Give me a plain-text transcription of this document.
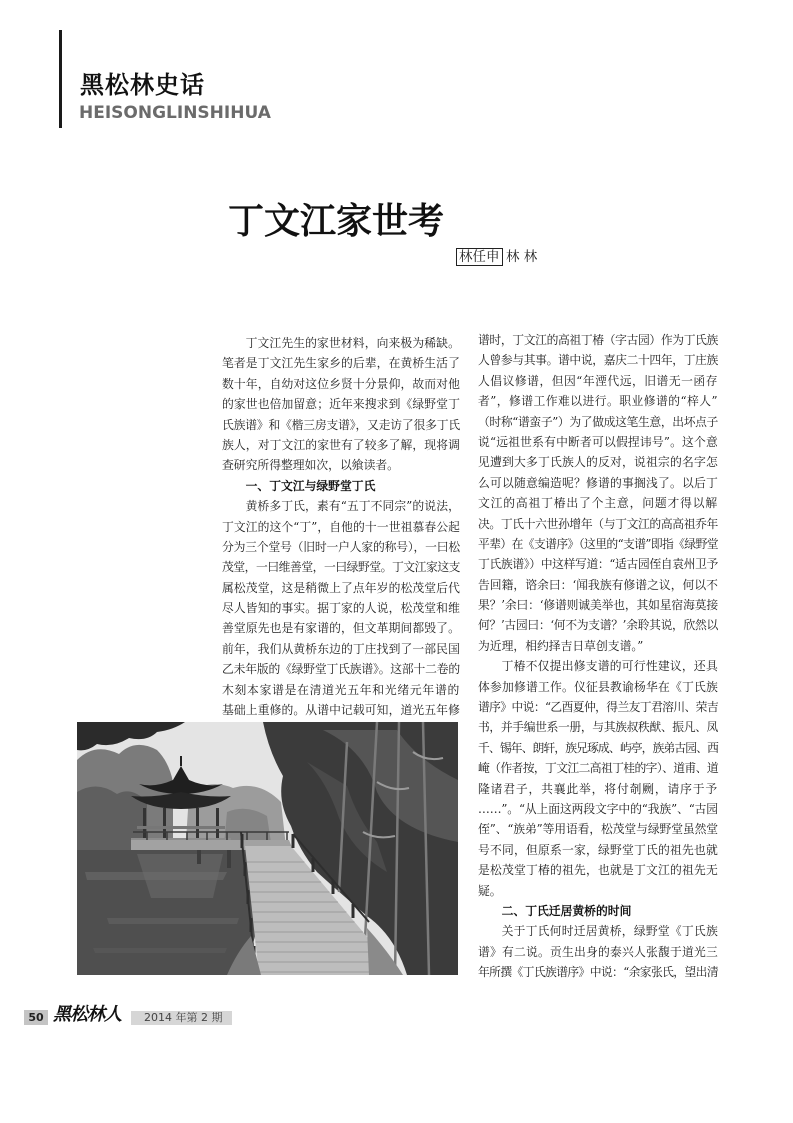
黑松林史话
HEISONGLINSHIHUA
丁文江家世考
林任申 林 林
丁文江先生的家世材料，向来极为稀缺。
笔者是丁文江先生家乡的后辈，在黄桥生活了
数十年，自幼对这位乡贤十分景仰，故而对他
的家世也倍加留意；近年来搜求到《绿野堂丁
氏族谱》和《楷三房支谱》，又走访了很多丁氏
族人，对丁文江的家世有了较多了解，现将调
查研究所得整理如次，以飨读者。
一、丁文江与绿野堂丁氏
黄桥多丁氏，素有“五丁不同宗”的说法，
丁文江的这个“丁”，自他的十一世祖慕春公起
分为三个堂号（旧时一户人家的称号），一曰松
茂堂，一曰维善堂，一曰绿野堂。丁文江家这支
属松茂堂，这是稍微上了点年岁的松茂堂后代
尽人皆知的事实。据丁家的人说，松茂堂和维
善堂原先也是有家谱的，但文革期间都毁了。
前年，我们从黄桥东边的丁庄找到了一部民国
乙未年版的《绿野堂丁氏族谱》。这部十二卷的
木刻本家谱是在清道光五年和光绪元年谱的
基础上重修的。从谱中记载可知，道光五年修
谱时，丁文江的高祖丁椿（字古园）作为丁氏族
人曾参与其事。谱中说，嘉庆二十四年，丁庄族
人倡议修谱，但因“年湮代远，旧谱无一函存
者”，修谱工作难以进行。职业修谱的“梓人”
（时称“谱蛮子”）为了做成这笔生意，出坏点子
说“远祖世系有中断者可以假捏讳号”。这个意
见遭到大多丁氏族人的反对，说祖宗的名字怎
么可以随意编造呢？修谱的事搁浅了。以后丁
文江的高祖丁椿出了个主意，问题才得以解
决。丁氏十六世孙增年（与丁文江的高高祖乔年
平辈）在《支谱序》（这里的“支谱”即指《绿野堂
丁氏族谱》）中这样写道：“适古园侄自袁州卫予
告回籍，谘余曰：‘闻我族有修谱之议，何以不
果？’余曰：‘修谱则诚美举也，其如星宿海莫接
何？’古园曰：‘何不为支谱？’余聆其说，欣然以
为近理，相约择吉日草创支谱。”
丁椿不仅提出修支谱的可行性建议，还具
体参加修谱工作。仪征县教谕杨华在《丁氏族
谱序》中说：“乙酉夏仲，得兰友丁君溶川、荣吉
书，并手编世系一册，与其族叔秩猷、振凡、凤
千、锡年、朗轩，族兄琢成、屿亭，族弟古园、西
崦（作者按，丁文江二高祖丁桂的字）、道甫、道
隆诸君子，共襄此举，将付剞劂，请序于予
……”。“从上面这两段文字中的“我族”、“古园
侄”、“族弟”等用语看，松茂堂与绿野堂虽然堂
号不同，但原系一家，绿野堂丁氏的祖先也就
是松茂堂丁椿的祖先，也就是丁文江的祖先无
疑。
二、丁氏迁居黄桥的时间
关于丁氏何时迁居黄桥，绿野堂《丁氏族
谱》有二说。贡生出身的泰兴人张馥于道光三
年所撰《丁氏族谱序》中说：“余家张氏，望出清
50 黑松林人	2014 年第 2 期
